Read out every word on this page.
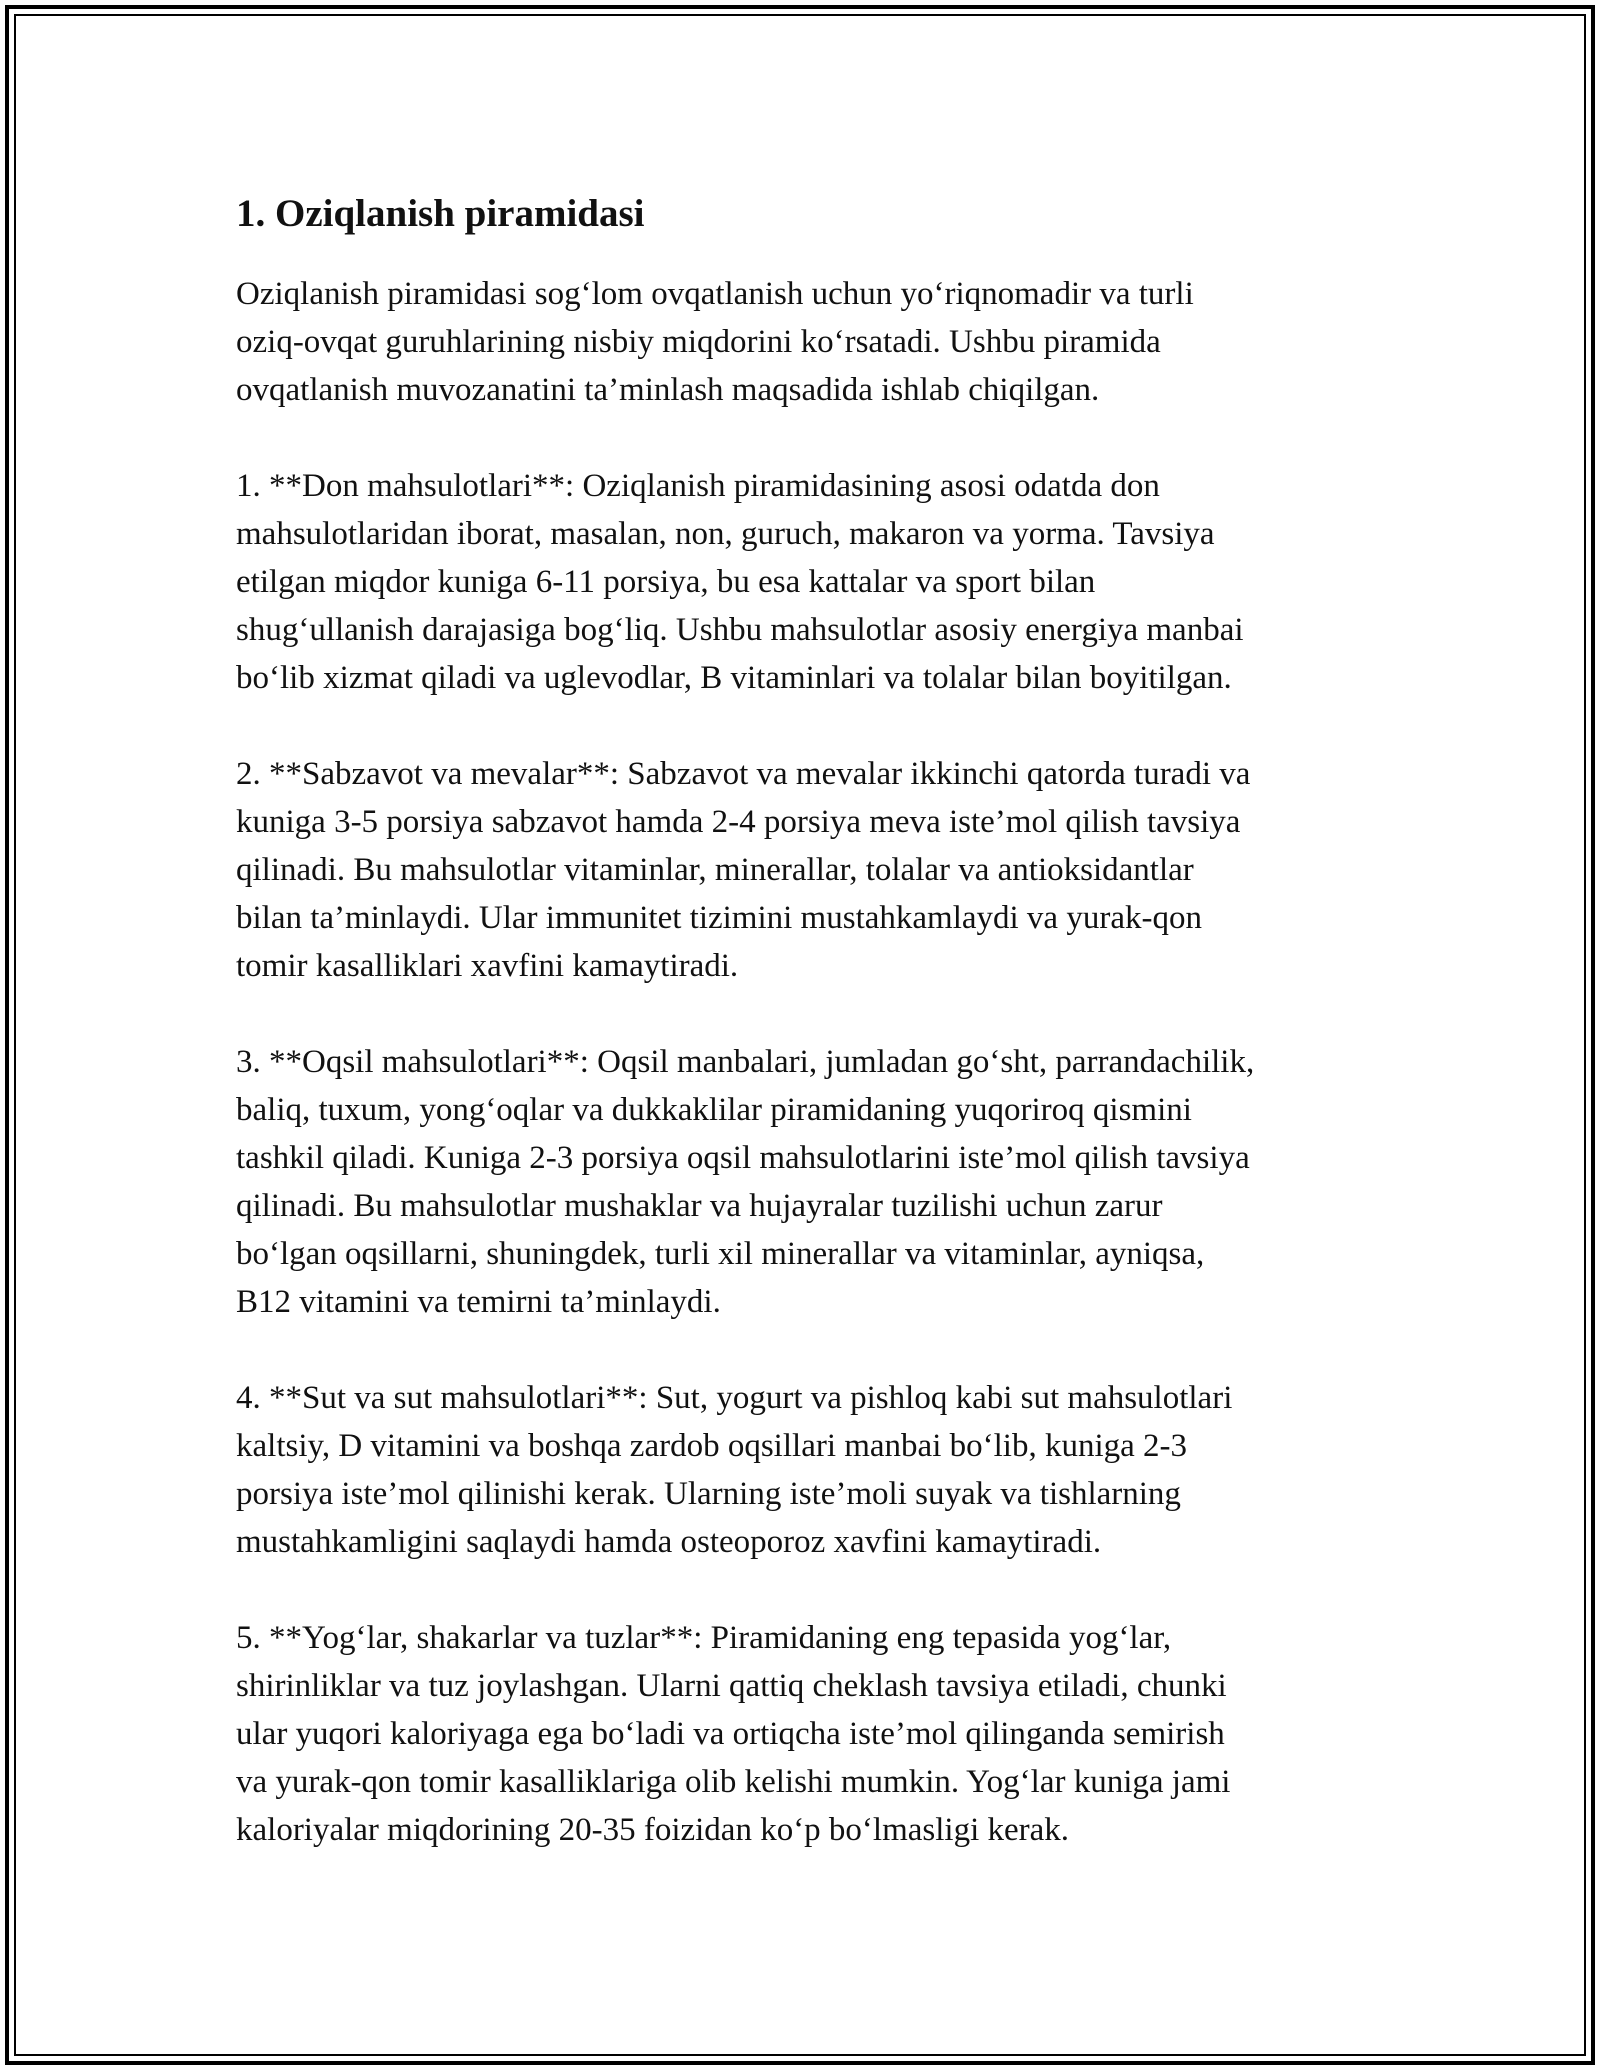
1. Oziqlanish piramidasi

Oziqlanish piramidasi sog‘lom ovqatlanish uchun yo‘riqnomadir va turli
oziq-ovqat guruhlarining nisbiy miqdorini ko‘rsatadi. Ushbu piramida
ovqatlanish muvozanatini ta’minlash maqsadida ishlab chiqilgan.

1. **Don mahsulotlari**: Oziqlanish piramidasining asosi odatda don
mahsulotlaridan iborat, masalan, non, guruch, makaron va yorma. Tavsiya
etilgan miqdor kuniga 6-11 porsiya, bu esa kattalar va sport bilan
shug‘ullanish darajasiga bog‘liq. Ushbu mahsulotlar asosiy energiya manbai
bo‘lib xizmat qiladi va uglevodlar, B vitaminlari va tolalar bilan boyitilgan.

2. **Sabzavot va mevalar**: Sabzavot va mevalar ikkinchi qatorda turadi va
kuniga 3-5 porsiya sabzavot hamda 2-4 porsiya meva iste’mol qilish tavsiya
qilinadi. Bu mahsulotlar vitaminlar, minerallar, tolalar va antioksidantlar
bilan ta’minlaydi. Ular immunitet tizimini mustahkamlaydi va yurak-qon
tomir kasalliklari xavfini kamaytiradi.

3. **Oqsil mahsulotlari**: Oqsil manbalari, jumladan go‘sht, parrandachilik,
baliq, tuxum, yong‘oqlar va dukkaklilar piramidaning yuqoriroq qismini
tashkil qiladi. Kuniga 2-3 porsiya oqsil mahsulotlarini iste’mol qilish tavsiya
qilinadi. Bu mahsulotlar mushaklar va hujayralar tuzilishi uchun zarur
bo‘lgan oqsillarni, shuningdek, turli xil minerallar va vitaminlar, ayniqsa,
B12 vitamini va temirni ta’minlaydi.

4. **Sut va sut mahsulotlari**: Sut, yogurt va pishloq kabi sut mahsulotlari
kaltsiy, D vitamini va boshqa zardob oqsillari manbai bo‘lib, kuniga 2-3
porsiya iste’mol qilinishi kerak. Ularning iste’moli suyak va tishlarning
mustahkamligini saqlaydi hamda osteoporoz xavfini kamaytiradi.

5. **Yog‘lar, shakarlar va tuzlar**: Piramidaning eng tepasida yog‘lar,
shirinliklar va tuz joylashgan. Ularni qattiq cheklash tavsiya etiladi, chunki
ular yuqori kaloriyaga ega bo‘ladi va ortiqcha iste’mol qilinganda semirish
va yurak-qon tomir kasalliklariga olib kelishi mumkin. Yog‘lar kuniga jami
kaloriyalar miqdorining 20-35 foizidan ko‘p bo‘lmasligi kerak.
